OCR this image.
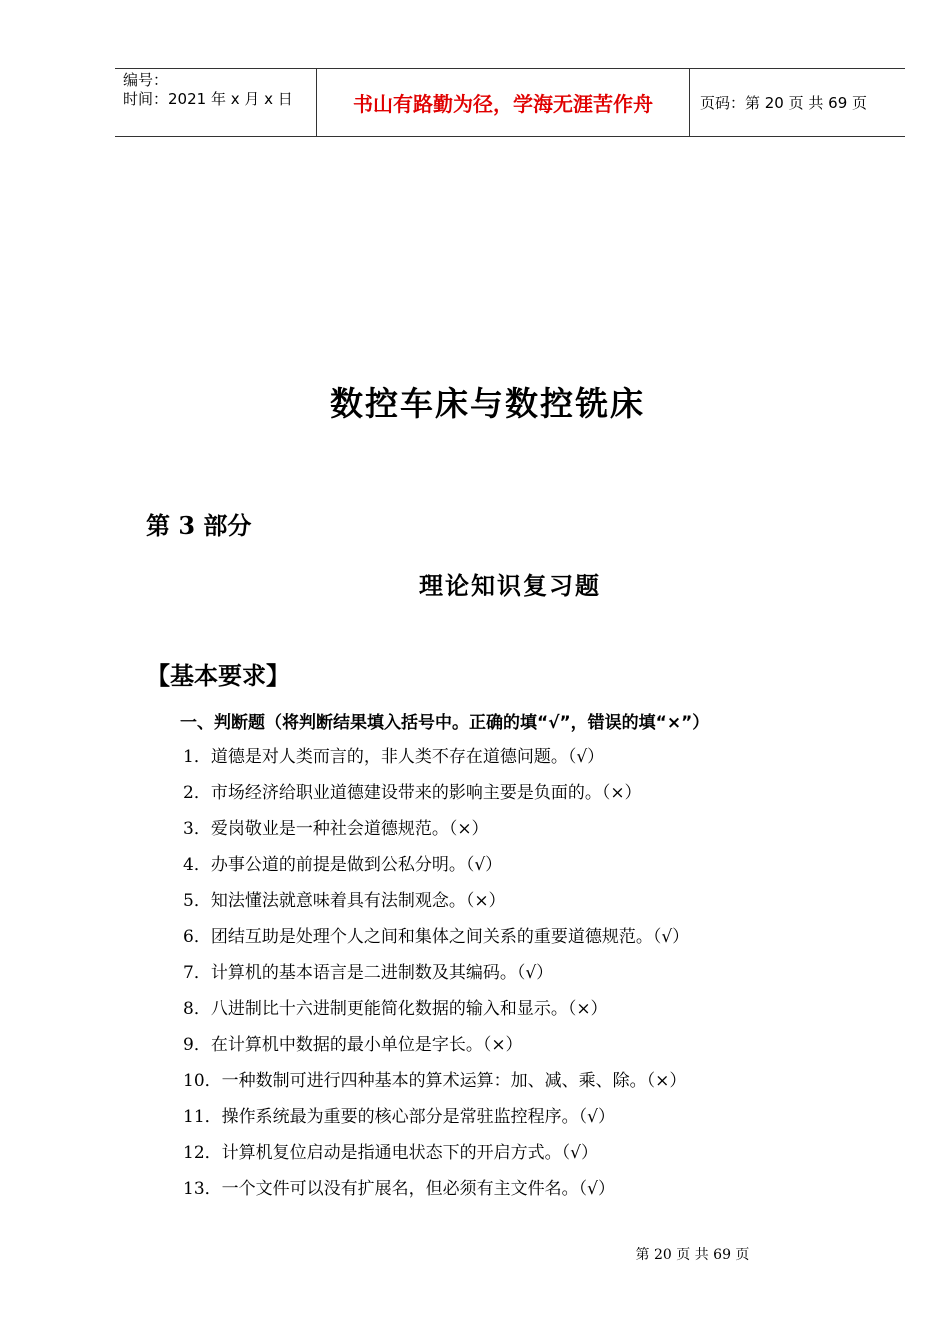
编号：
时间：2021 年 x 月 x 日	书山有路勤为径，学海无涯苦作舟	页码：第 20 页 共 69 页
数控车床与数控铣床
第 3 部分
理论知识复习题
【基本要求】
一、判断题（将判断结果填入括号中。正确的填“√”，错误的填“×”）
1．道德是对人类而言的，非人类不存在道德问题。（√）
2．市场经济给职业道德建设带来的影响主要是负面的。（×）
3．爱岗敬业是一种社会道德规范。（×）
4．办事公道的前提是做到公私分明。（√）
5．知法懂法就意味着具有法制观念。（×）
6．团结互助是处理个人之间和集体之间关系的重要道德规范。（√）
7．计算机的基本语言是二进制数及其编码。（√）
8．八进制比十六进制更能简化数据的输入和显示。（×）
9．在计算机中数据的最小单位是字长。（×）
10．一种数制可进行四种基本的算术运算：加、减、乘、除。（×）
11．操作系统最为重要的核心部分是常驻监控程序。（√）
12．计算机复位启动是指通电状态下的开启方式。（√）
13．一个文件可以没有扩展名，但必须有主文件名。（√）
第 20 页 共 69 页
